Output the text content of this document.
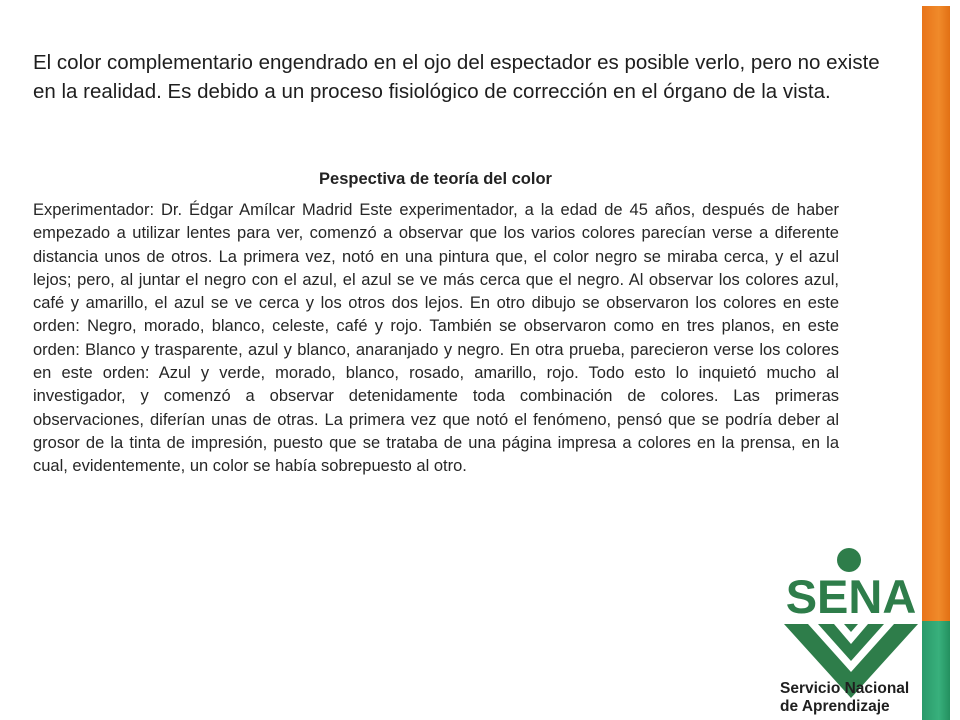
El color complementario engendrado en el ojo del espectador es posible verlo, pero no existe en la realidad. Es debido a un proceso fisiológico de corrección en el órgano de la vista.

Pespectiva de teoría del color

Experimentador: Dr. Édgar Amílcar Madrid Este experimentador, a la edad de 45 años, después de haber empezado a utilizar lentes para ver, comenzó a observar que los varios colores parecían verse a diferente distancia unos de otros. La primera vez, notó en una pintura que, el color negro se miraba cerca, y el azul lejos; pero, al juntar el negro con el azul, el azul se ve más cerca que el negro. Al observar los colores azul, café y amarillo, el azul se ve cerca y los otros dos lejos. En otro dibujo se observaron los colores en este orden: Negro, morado, blanco, celeste, café y rojo. También se observaron como en tres planos, en este orden: Blanco y trasparente, azul y blanco, anaranjado y negro. En otra prueba, parecieron verse los colores en este orden: Azul y verde, morado, blanco, rosado, amarillo, rojo. Todo esto lo inquietó mucho al investigador, y comenzó a observar detenidamente toda combinación de colores. Las primeras observaciones, diferían unas de otras. La primera vez que notó el fenómeno, pensó que se podría deber al grosor de la tinta de impresión, puesto que se trataba de una página impresa a colores en la prensa, en la cual, evidentemente, un color se había sobrepuesto al otro.

SENA

Servicio Nacional
de Aprendizaje
